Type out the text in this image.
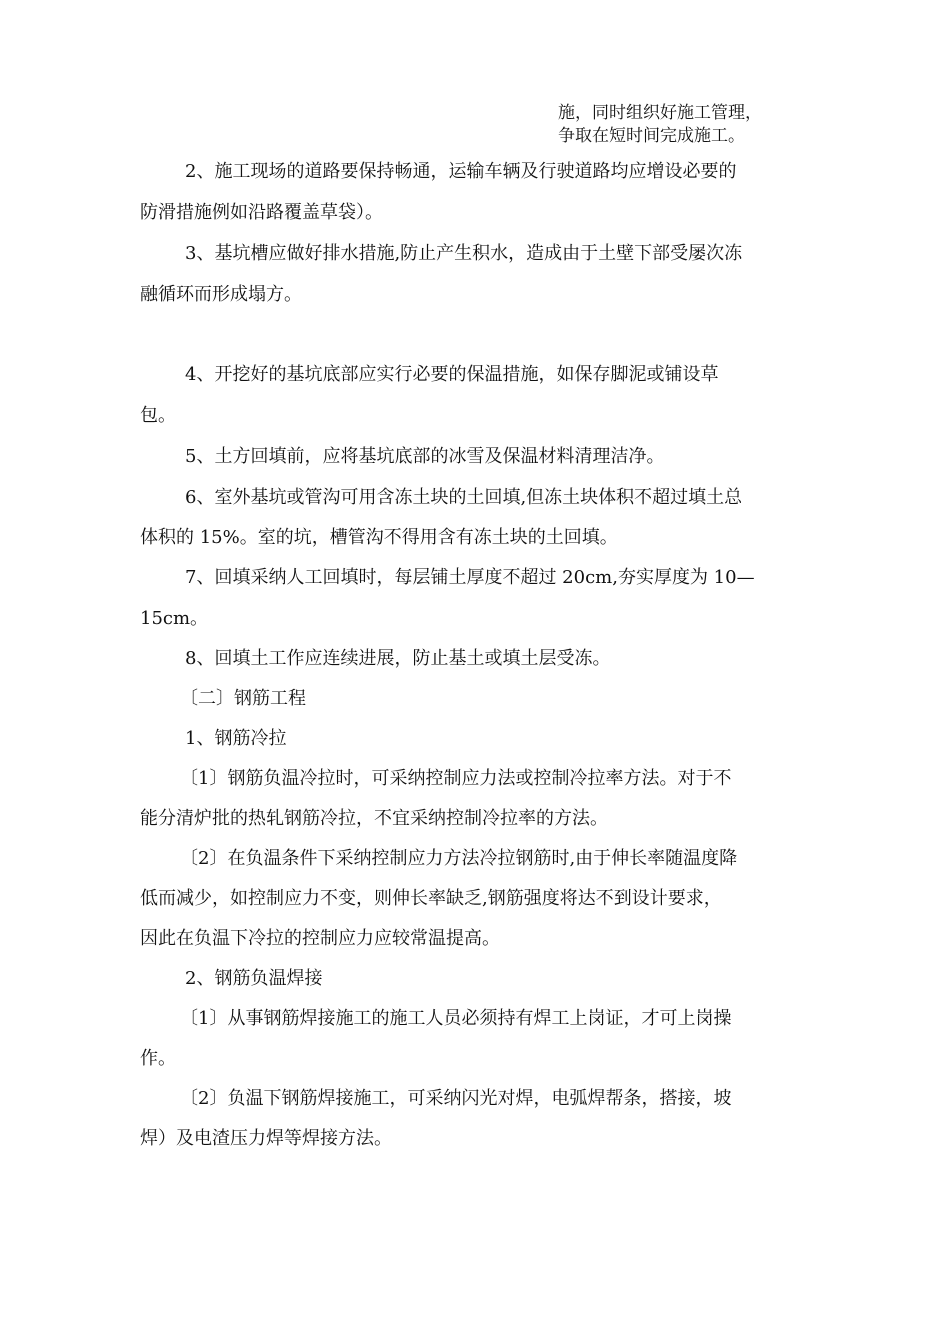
施，同时组织好施工管理，
争取在短时间完成施工。
2、施工现场的道路要保持畅通，运输车辆及行驶道路均应增设必要的
防滑措施例如沿路覆盖草袋）。
3、基坑槽应做好排水措施,防止产生积水，造成由于土壁下部受屡次冻
融循环而形成塌方。
4、开挖好的基坑底部应实行必要的保温措施，如保存脚泥或铺设草
包。
5、土方回填前，应将基坑底部的冰雪及保温材料清理洁净。
6、室外基坑或管沟可用含冻土块的土回填,但冻土块体积不超过填土总
体积的 15%。室的坑，槽管沟不得用含有冻土块的土回填。
7、回填采纳人工回填时，每层铺土厚度不超过 20cm,夯实厚度为 10—
15cm。
8、回填土工作应连续进展，防止基土或填土层受冻。
〔二〕钢筋工程
1、钢筋冷拉
〔1〕钢筋负温冷拉时，可采纳控制应力法或控制冷拉率方法。对于不
能分清炉批的热轧钢筋冷拉，不宜采纳控制冷拉率的方法。
〔2〕在负温条件下采纳控制应力方法冷拉钢筋时,由于伸长率随温度降
低而减少，如控制应力不变，则伸长率缺乏,钢筋强度将达不到设计要求，
因此在负温下冷拉的控制应力应较常温提高。
2、钢筋负温焊接
〔1〕从事钢筋焊接施工的施工人员必须持有焊工上岗证，才可上岗操
作。
〔2〕负温下钢筋焊接施工，可采纳闪光对焊，电弧焊帮条，搭接，坡
焊）及电渣压力焊等焊接方法。
